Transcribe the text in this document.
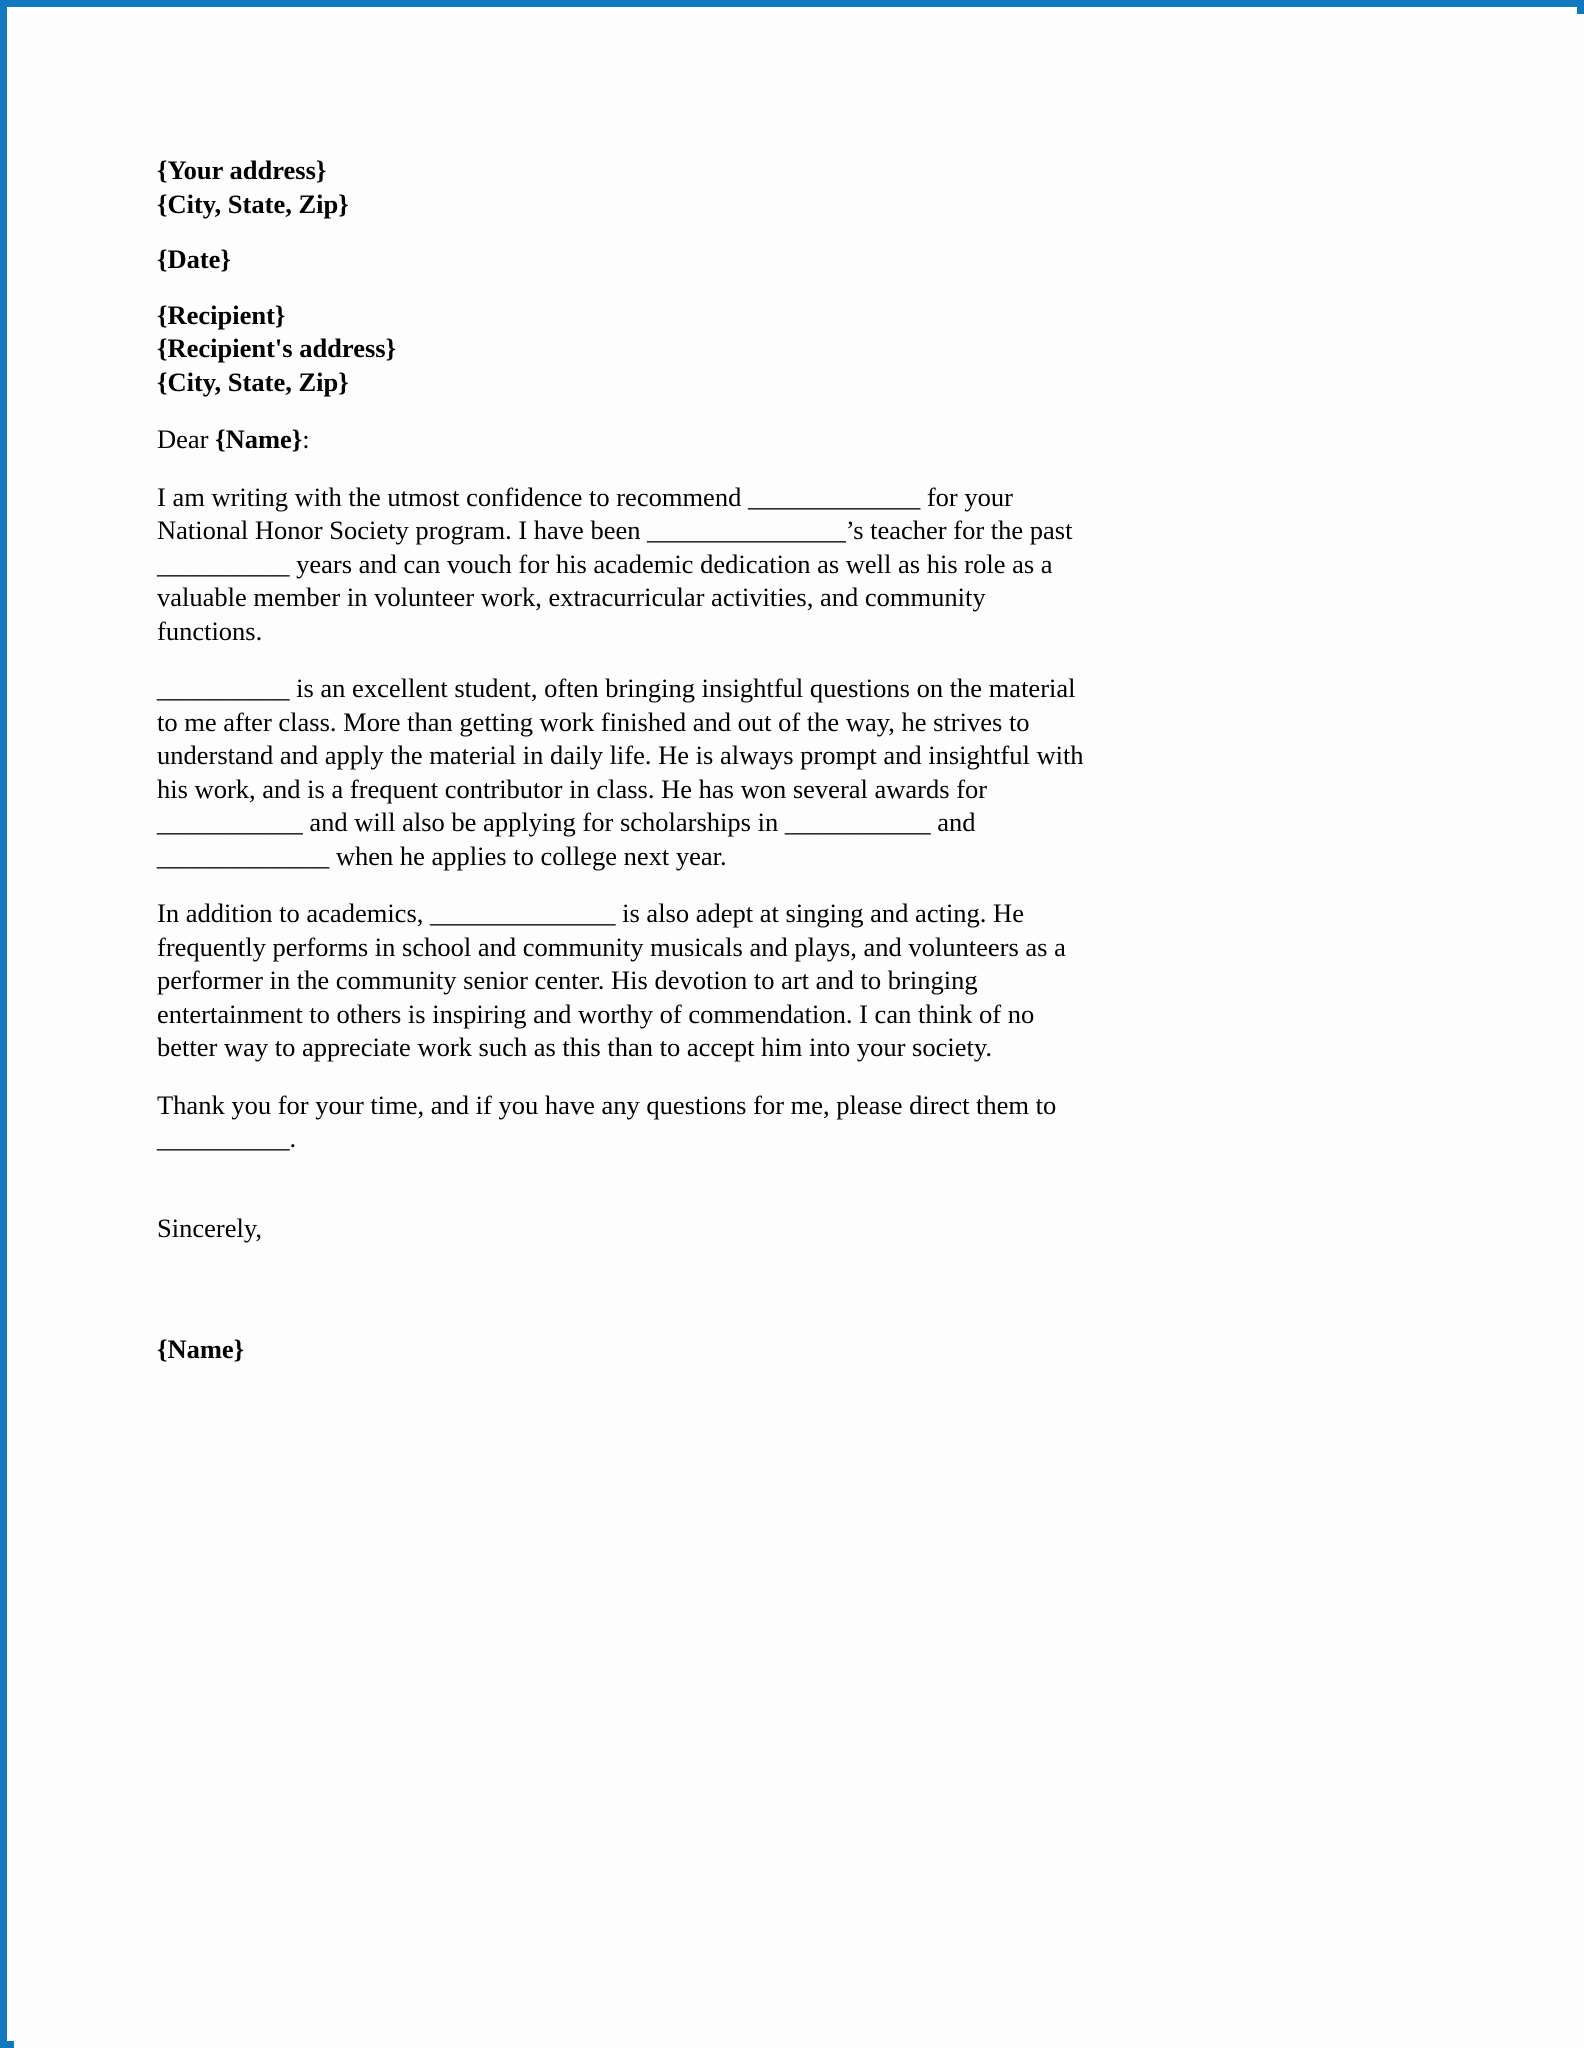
{Your address}
{City, State, Zip}
{Date}
{Recipient}
{Recipient's address}
{City, State, Zip}
Dear {Name}:

I am writing with the utmost confidence to recommend _____________ for your National Honor Society program. I have been _______________’s teacher for the past __________ years and can vouch for his academic dedication as well as his role as a valuable member in volunteer work, extracurricular activities, and community functions.

__________ is an excellent student, often bringing insightful questions on the material to me after class. More than getting work finished and out of the way, he strives to understand and apply the material in daily life. He is always prompt and insightful with his work, and is a frequent contributor in class. He has won several awards for ___________ and will also be applying for scholarships in ___________ and _____________ when he applies to college next year.

In addition to academics, ______________ is also adept at singing and acting. He frequently performs in school and community musicals and plays, and volunteers as a performer in the community senior center. His devotion to art and to bringing entertainment to others is inspiring and worthy of commendation. I can think of no better way to appreciate work such as this than to accept him into your society.

Thank you for your time, and if you have any questions for me, please direct them to __________.

Sincerely,
{Name}
